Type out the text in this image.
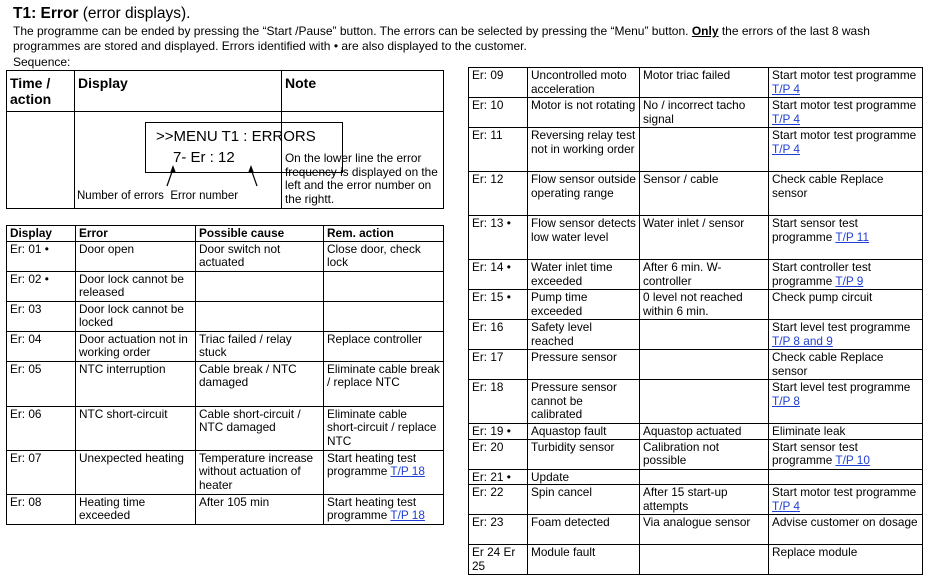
T1: Error (error displays).
The programme can be ended by pressing the “Start /Pause” button. The errors can be selected by pressing the “Menu” button. Only the errors of the last 8 wash programmes are stored and displayed. Errors identified with • are also displayed to the customer.
Sequence:
Time / action	Display	Note

	>>MENU T1 : ERRORS
7- Er : 12
Number of errors Error number	On the lower line the error frequency is displayed on the left and the error number on the rightt.
Display	Error	Possible cause	Rem. action
Er: 01 •	Door open	Door switch not actuated	Close door, check lock
Er: 02 •	Door lock cannot be released		
Er: 03	Door lock cannot be locked		
Er: 04	Door actuation not in working order	Triac failed / relay stuck	Replace controller
Er: 05	NTC interruption	Cable break / NTC damaged	Eliminate cable break / replace NTC
Er: 06	NTC short-circuit	Cable short-circuit / NTC damaged	Eliminate cable short-circuit / replace NTC
Er: 07	Unexpected heating	Temperature increase without actuation of heater	Start heating test programme T/P 18
Er: 08	Heating time exceeded	After 105 min	Start heating test programme T/P 18
Er: 09	Uncontrolled moto acceleration	Motor triac failed	Start motor test programme T/P 4
Er: 10	Motor is not rotating	No / incorrect tacho signal	Start motor test programme T/P 4
Er: 11	Reversing relay test not in working order		Start motor test programme T/P 4
Er: 12	Flow sensor outside operating range	Sensor / cable	Check cable Replace sensor
Er: 13 •	Flow sensor detects low water level	Water inlet / sensor	Start sensor test programme T/P 11
Er: 14 •	Water inlet time exceeded	After 6 min. W-controller	Start controller test programme T/P 9
Er: 15 •	Pump time exceeded	0 level not reached within 6 min.	Check pump circuit
Er: 16	Safety level reached		Start level test programme T/P 8 and 9
Er: 17	Pressure sensor		Check cable Replace sensor
Er: 18	Pressure sensor cannot be calibrated		Start level test programme T/P 8
Er: 19 •	Aquastop fault	Aquastop actuated	Eliminate leak
Er: 20	Turbidity sensor	Calibration not possible	Start sensor test programme T/P 10
Er: 21 •	Update		
Er: 22	Spin cancel	After 15 start-up attempts	Start motor test programme T/P 4
Er: 23	Foam detected	Via analogue sensor	Advise customer on dosage
Er 24 Er 25	Module fault		Replace module
